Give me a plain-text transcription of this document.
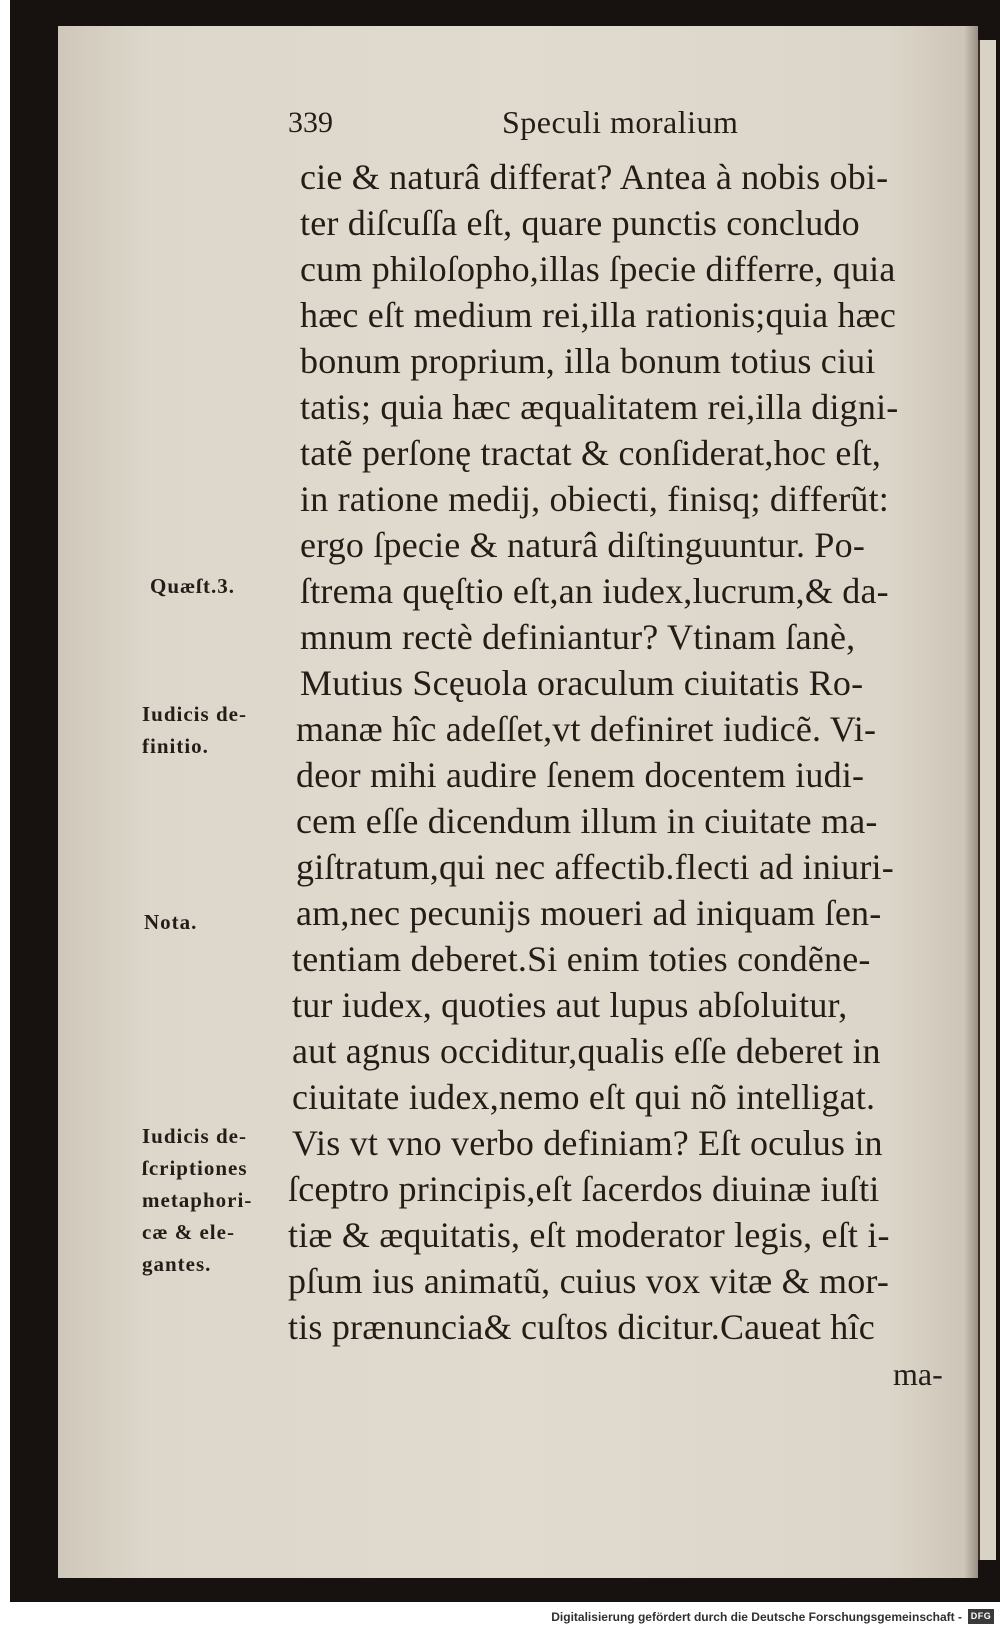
339	Speculi moralium
cie & naturâ differat? Antea à nobis obi-
ter diſcuſſa eſt, quare punctis concludo
cum philoſopho,illas ſpecie differre, quia
hæc eſt medium rei,illa rationis;quia hæc
bonum proprium, illa bonum totius ciui
tatis; quia hæc æqualitatem rei,illa digni-
tatẽ perſonę tractat & conſiderat,hoc eſt,
in ratione medij, obiecti, finisq; differũt:
ergo ſpecie & naturâ diſtinguuntur. Po-
ſtrema quęſtio eſt,an iudex,lucrum,& da-
mnum rectè definiantur? Vtinam ſanè,
Mutius Scęuola oraculum ciuitatis Ro-
manæ hîc adeſſet,vt definiret iudicẽ. Vi-
deor mihi audire ſenem docentem iudi-
cem eſſe dicendum illum in ciuitate ma-
giſtratum,qui nec affectib.flecti ad iniuri-
am,nec pecunijs moueri ad iniquam ſen-
tentiam deberet.Si enim toties condẽne-
tur iudex, quoties aut lupus abſoluitur,
aut agnus occiditur,qualis eſſe deberet in
ciuitate iudex,nemo eſt qui nõ intelligat.
Vis vt vno verbo definiam? Eſt oculus in
ſceptro principis,eſt ſacerdos diuinæ iuſti
tiæ & æquitatis, eſt moderator legis, eſt i-
pſum ius animatũ, cuius vox vitæ & mor-
tis prænuncia& cuſtos dicitur.Caueat hîc
Quæſt.3.
Iudicis de-
finitio.
Nota.
Iudicis de-
ſcriptiones
metaphori-
cæ & ele-
gantes.
ma-
Digitalisierung gefördert durch die Deutsche Forschungsgemeinschaft - DFG
